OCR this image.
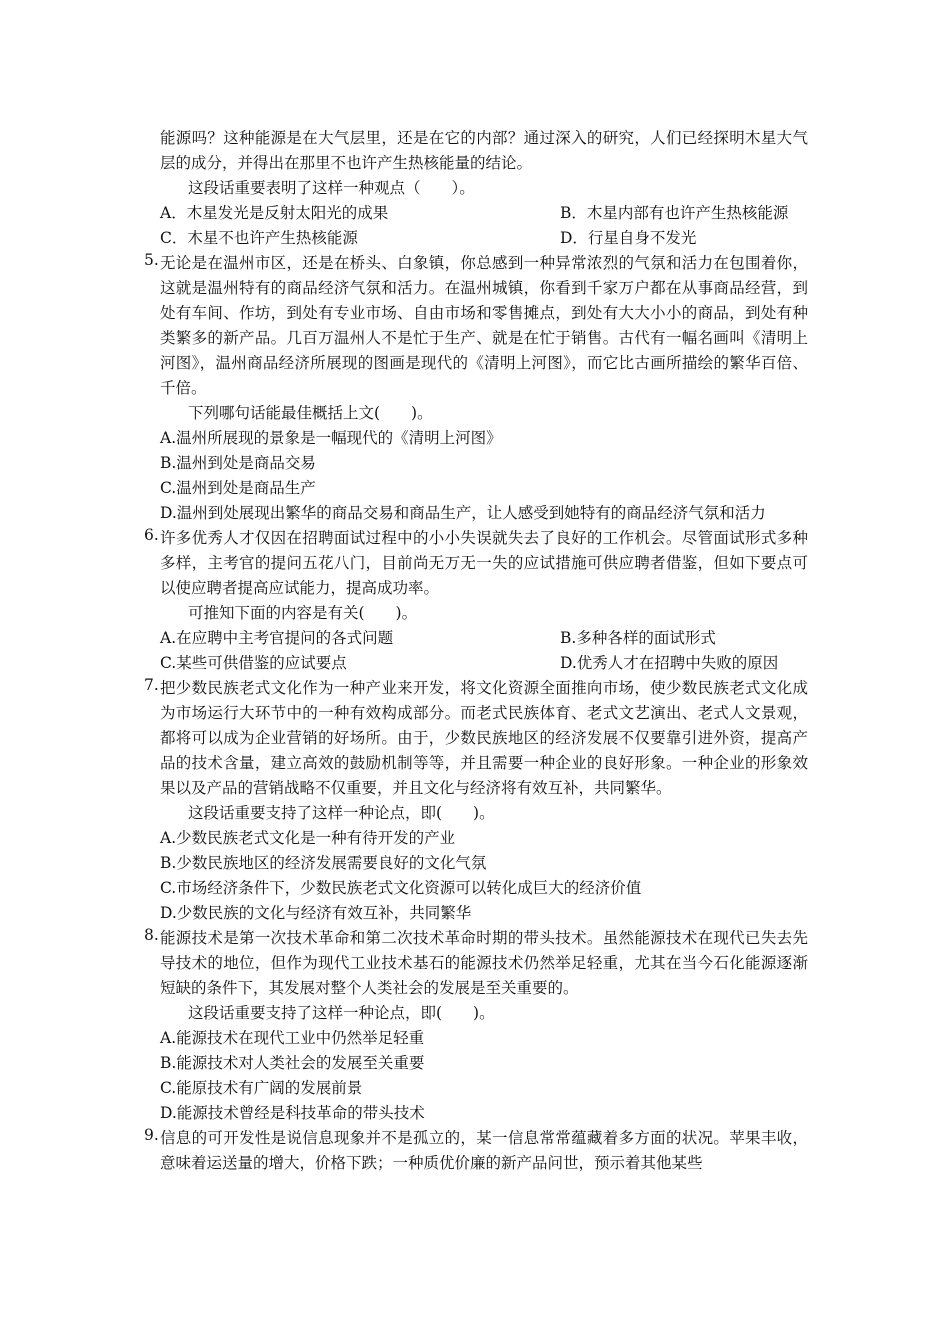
能源吗？这种能源是在大气层里，还是在它的内部？通过深入的研究，人们已经探明木星大气层的成分，并得出在那里不也许产生热核能量的结论。

这段话重要表明了这样一种观点（　　）。

A．木星发光是反射太阳光的成果	B．木星内部有也许产生热核能源
C．木星不也许产生热核能源	D．行星自身不发光
5. 无论是在温州市区，还是在桥头、白象镇，你总感到一种异常浓烈的气氛和活力在包围着你，这就是温州特有的商品经济气氛和活力。在温州城镇，你看到千家万户都在从事商品经营，到处有车间、作坊，到处有专业市场、自由市场和零售摊点，到处有大大小小的商品，到处有种类繁多的新产品。几百万温州人不是忙于生产、就是在忙于销售。古代有一幅名画叫《清明上河图》，温州商品经济所展现的图画是现代的《清明上河图》，而它比古画所描绘的繁华百倍、千倍。

下列哪句话能最佳概括上文(　　)。

A.温州所展现的景象是一幅现代的《清明上河图》

B.温州到处是商品交易

C.温州到处是商品生产

D.温州到处展现出繁华的商品交易和商品生产，让人感受到她特有的商品经济气氛和活力

6. 许多优秀人才仅因在招聘面试过程中的小小失误就失去了良好的工作机会。尽管面试形式多种多样，主考官的提问五花八门，目前尚无万无一失的应试措施可供应聘者借鉴，但如下要点可以使应聘者提高应试能力，提高成功率。

可推知下面的内容是有关(　　)。

A.在应聘中主考官提问的各式问题	B.多种各样的面试形式
C.某些可供借鉴的应试要点	D.优秀人才在招聘中失败的原因
7. 把少数民族老式文化作为一种产业来开发，将文化资源全面推向市场，使少数民族老式文化成为市场运行大环节中的一种有效构成部分。而老式民族体育、老式文艺演出、老式人文景观，都将可以成为企业营销的好场所。由于，少数民族地区的经济发展不仅要靠引进外资，提高产品的技术含量，建立高效的鼓励机制等等，并且需要一种企业的良好形象。一种企业的形象效果以及产品的营销战略不仅重要，并且文化与经济将有效互补，共同繁华。

这段话重要支持了这样一种论点，即(　　)。

A.少数民族老式文化是一种有待开发的产业

B.少数民族地区的经济发展需要良好的文化气氛

C.市场经济条件下，少数民族老式文化资源可以转化成巨大的经济价值

D.少数民族的文化与经济有效互补，共同繁华

8. 能源技术是第一次技术革命和第二次技术革命时期的带头技术。虽然能源技术在现代已失去先导技术的地位，但作为现代工业技术基石的能源技术仍然举足轻重，尤其在当今石化能源逐渐短缺的条件下，其发展对整个人类社会的发展是至关重要的。

这段话重要支持了这样一种论点，即(　　)。

A.能源技术在现代工业中仍然举足轻重

B.能源技术对人类社会的发展至关重要

C.能原技术有广阔的发展前景

D.能源技术曾经是科技革命的带头技术

9. 信息的可开发性是说信息现象并不是孤立的，某一信息常常蕴藏着多方面的状况。苹果丰收，意味着运送量的增大，价格下跌；一种质优价廉的新产品问世，预示着其他某些
